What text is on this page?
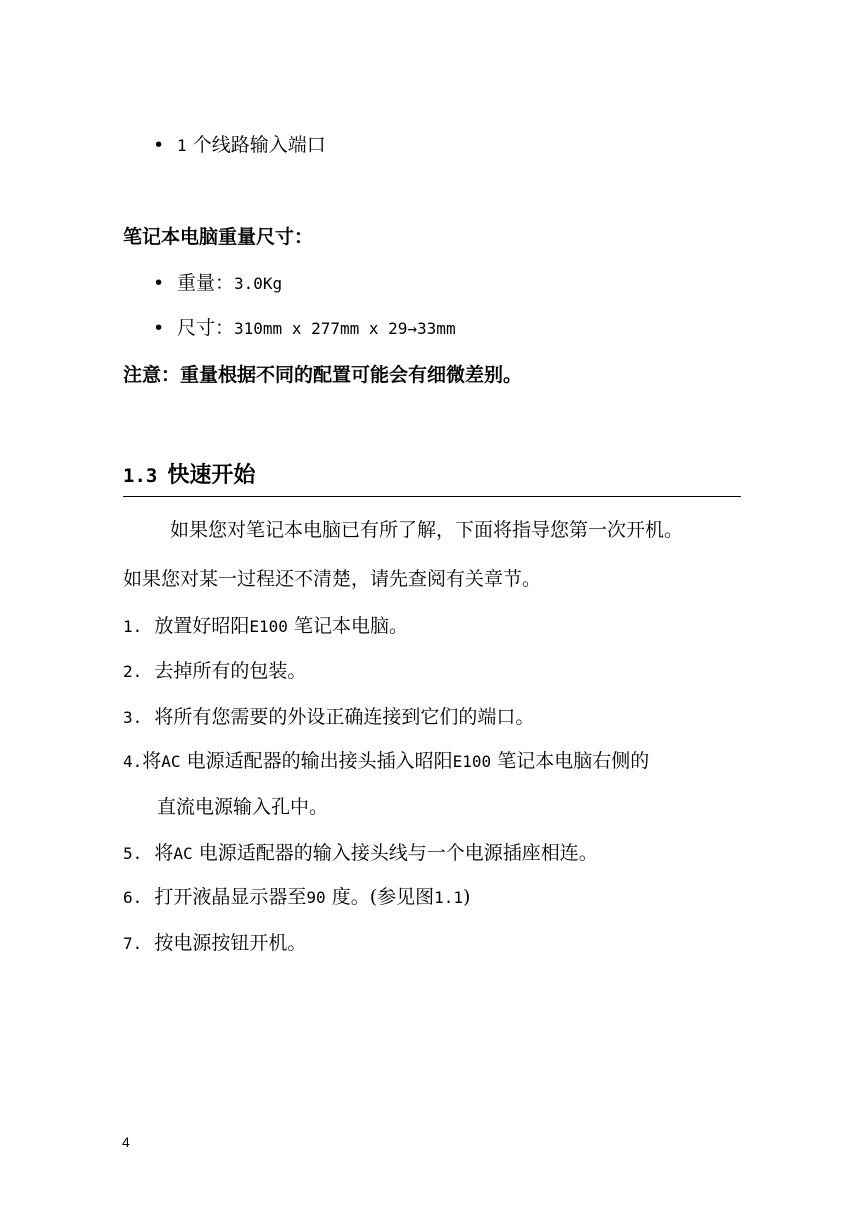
• 1 个线路输入端口
笔记本电脑重量尺寸：
• 重量：3.0Kg
• 尺寸：310mm x 277mm x 29→33mm
注意：重量根据不同的配置可能会有细微差别。
1.3 快速开始
如果您对笔记本电脑已有所了解，下面将指导您第一次开机。
如果您对某一过程还不清楚，请先查阅有关章节。
1. 放置好昭阳E100 笔记本电脑。
2. 去掉所有的包装。
3. 将所有您需要的外设正确连接到它们的端口。
4.将AC 电源适配器的输出接头插入昭阳E100 笔记本电脑右侧的
直流电源输入孔中。
5. 将AC 电源适配器的输入接头线与一个电源插座相连。
6. 打开液晶显示器至90 度。(参见图1.1)
7. 按电源按钮开机。
4
